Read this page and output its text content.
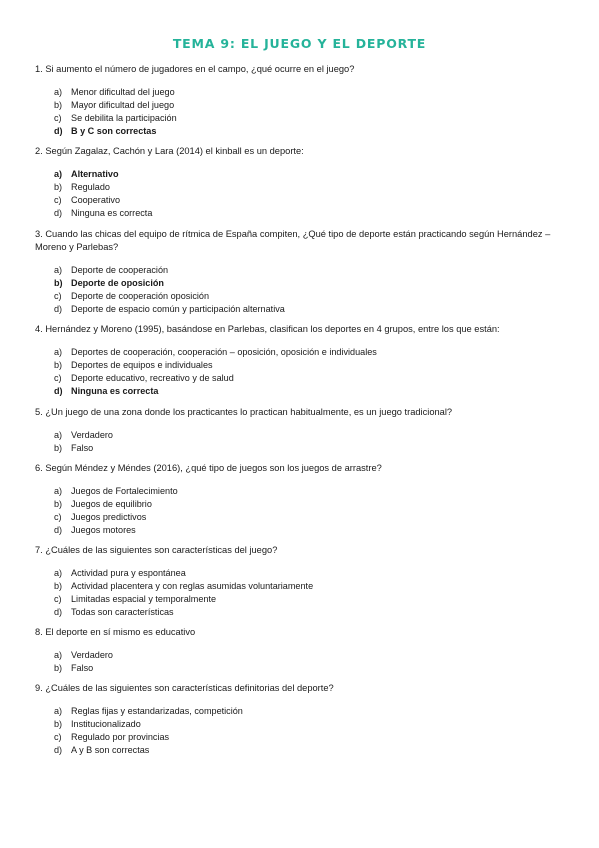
TEMA 9: EL JUEGO Y EL DEPORTE

1. Si aumento el número de jugadores en el campo, ¿qué ocurre en el juego?

a) Menor dificultad del juego
b) Mayor dificultad del juego
c)	Se debilita la participación
d) B y C son correctas

2. Según Zagalaz, Cachón y Lara (2014) el kinball es un deporte:

a) Alternativo
b) Regulado
c)	Cooperativo
d) Ninguna es correcta

3. Cuando las chicas del equipo de rítmica de España compiten, ¿Qué tipo de deporte están practicando según Hernández – Moreno y Parlebas?

a) Deporte de cooperación
b) Deporte de oposición
c)	Deporte de cooperación oposición
d) Deporte de espacio común y participación alternativa

4. Hernández y Moreno (1995), basándose en Parlebas, clasifican los deportes en 4 grupos, entre los que están:

a) Deportes de cooperación, cooperación – oposición, oposición e individuales
b) Deportes de equipos e individuales
c)	Deporte educativo, recreativo y de salud
d) Ninguna es correcta

5. ¿Un juego de una zona donde los practicantes lo practican habitualmente, es un juego tradicional?

a) Verdadero
b) Falso

6. Según Méndez y Méndes (2016), ¿qué tipo de juegos son los juegos de arrastre?

a) Juegos de Fortalecimiento
b) Juegos de equilibrio
c)	Juegos predictivos
d) Juegos motores

7. ¿Cuáles de las siguientes son características del juego?

a) Actividad pura y espontánea
b) Actividad placentera y con reglas asumidas voluntariamente
c)	Limitadas espacial y temporalmente
d) Todas son características

8. El deporte en sí mismo es educativo

a) Verdadero
b) Falso

9. ¿Cuáles de las siguientes son características definitorias del deporte?

a) Reglas fijas y estandarizadas, competición
b) Institucionalizado
c)	Regulado por provincias
d) A y B son correctas
